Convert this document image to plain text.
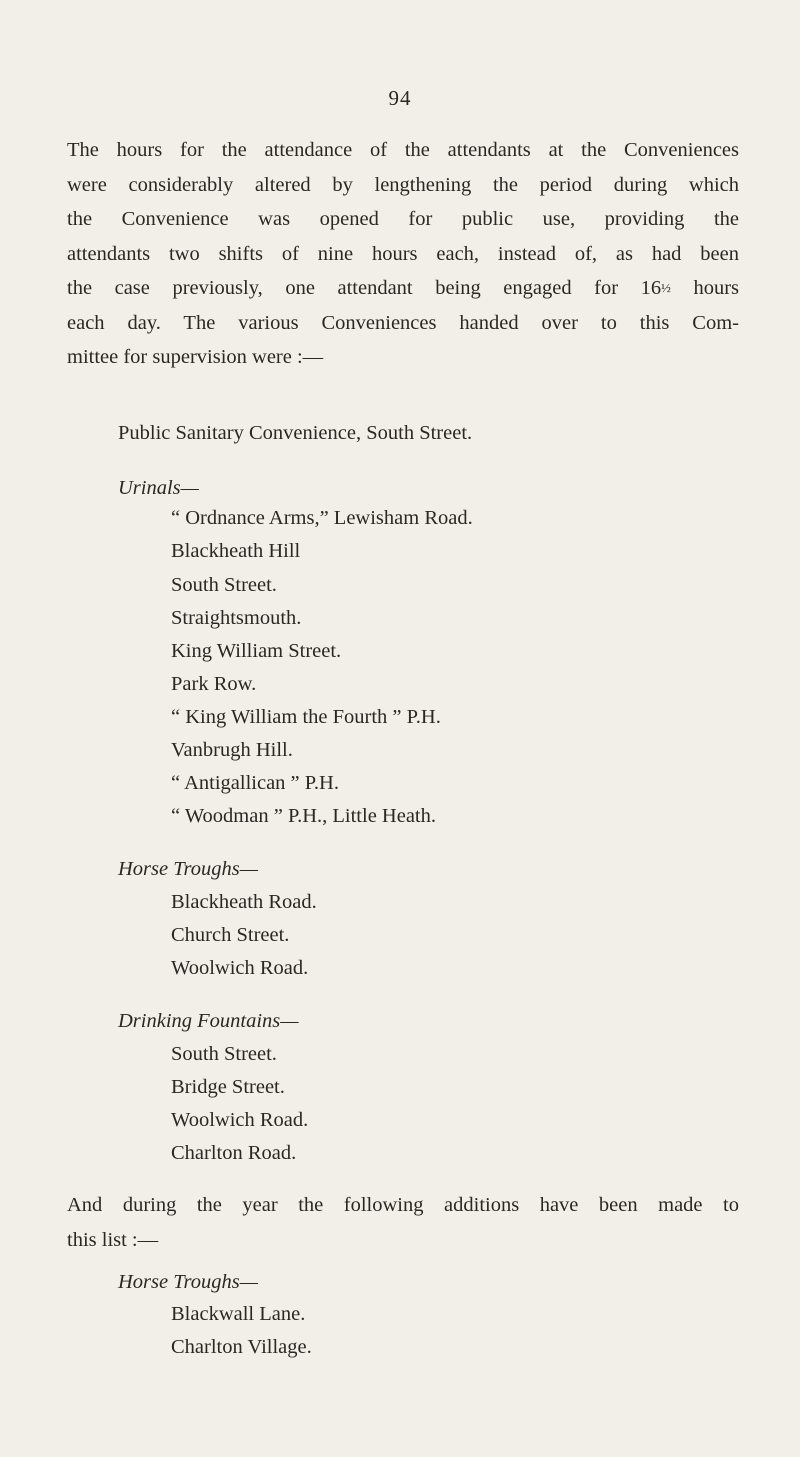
94
The hours for the attendance of the attendants at the Conveniences
were considerably altered by lengthening the period during which
the Convenience was opened for public use, providing the
attendants two shifts of nine hours each, instead of, as had been
the case previously, one attendant being engaged for 16½ hours
each day. The various Conveniences handed over to this Com-
mittee for supervision were :—
Public Sanitary Convenience, South Street.
Urinals—
“ Ordnance Arms,” Lewisham Road.
Blackheath Hill
South Street.
Straightsmouth.
King William Street.
Park Row.
“ King William the Fourth ” P.H.
Vanbrugh Hill.
“ Antigallican ” P.H.
“ Woodman ” P.H., Little Heath.
Horse Troughs—
Blackheath Road.
Church Street.
Woolwich Road.
Drinking Fountains—
South Street.
Bridge Street.
Woolwich Road.
Charlton Road.
And during the year the following additions have been made to
this list :—
Horse Troughs—
Blackwall Lane.
Charlton Village.
